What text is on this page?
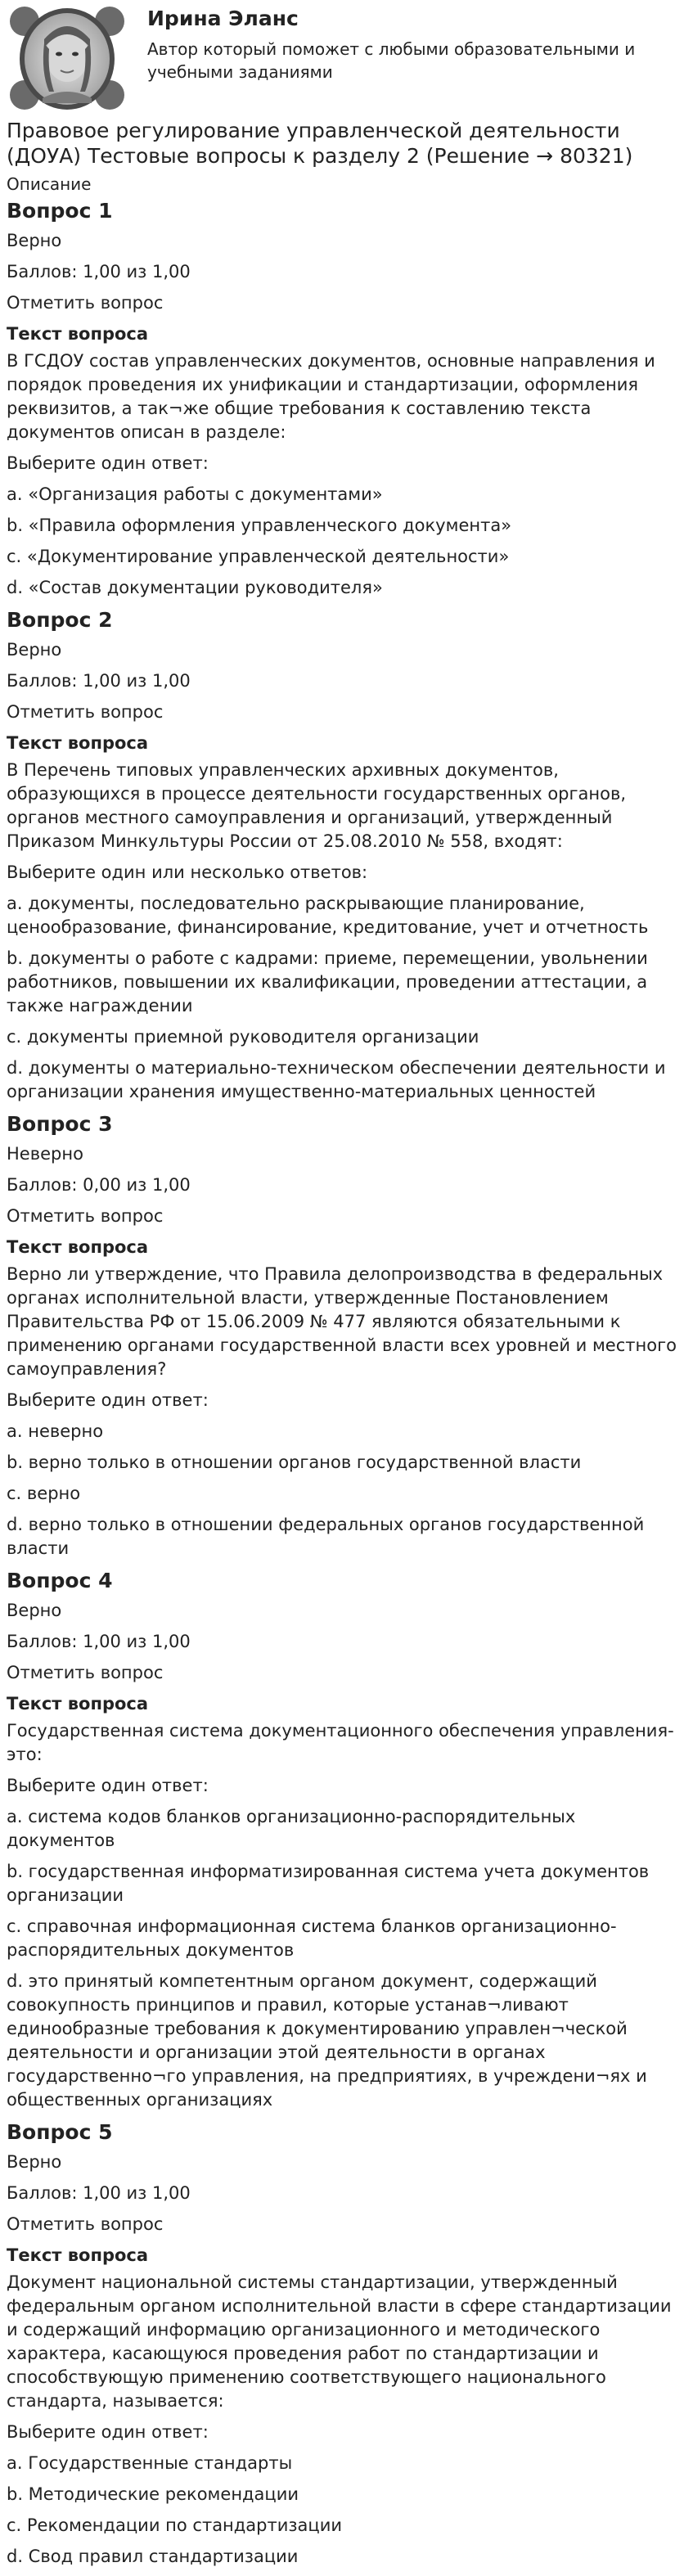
Ирина Эланс
Автор который поможет с любыми образовательными и учебными заданиями
Правовое регулирование управленческой деятельности (ДОУА) Тестовые вопросы к разделу 2 (Решение → 80321)
Описание
Вопрос 1
Верно
Баллов: 1,00 из 1,00
Отметить вопрос
Текст вопроса
В ГСДОУ состав управленческих документов, основные направления и порядок проведения их унификации и стандартизации, оформления реквизитов, а так¬же общие требования к составлению текста документов описан в разделе:
Выберите один ответ:
a. «Организация работы с документами»
b. «Правила оформления управленческого документа»
c. «Документирование управленческой деятельности»
d. «Состав документации руководителя»
Вопрос 2
Верно
Баллов: 1,00 из 1,00
Отметить вопрос
Текст вопроса
В Перечень типовых управленческих архивных документов, образующихся в процессе деятельности государственных органов, органов местного самоуправления и организаций, утвержденный Приказом Минкультуры России от 25.08.2010 № 558, входят:
Выберите один или несколько ответов:
a. документы, последовательно раскрывающие планирование, ценообразование, финансирование, кредитование, учет и отчетность
b. документы о работе с кадрами: приеме, перемещении, увольнении работников, повышении их квалификации, проведении аттестации, а также награждении
c. документы приемной руководителя организации
d. документы о материально-техническом обеспечении деятельности и организации хранения имущественно-материальных ценностей
Вопрос 3
Неверно
Баллов: 0,00 из 1,00
Отметить вопрос
Текст вопроса
Верно ли утверждение, что Правила делопроизводства в федеральных органах исполнительной власти, утвержденные Постановлением Правительства РФ от 15.06.2009 № 477 являются обязательными к применению органами государственной власти всех уровней и местного самоуправления?
Выберите один ответ:
a. неверно
b. верно только в отношении органов государственной власти
c. верно
d. верно только в отношении федеральных органов государственной власти
Вопрос 4
Верно
Баллов: 1,00 из 1,00
Отметить вопрос
Текст вопроса
Государственная система документационного обеспечения управления-это:
Выберите один ответ:
a. система кодов бланков организационно-распорядительных документов
b. государственная информатизированная система учета документов организации
c. справочная информационная система бланков организационно-распорядительных документов
d. это принятый компетентным органом документ, содержащий совокупность принципов и правил, которые устанав¬ливают единообразные требования к документированию управлен¬ческой деятельности и организации этой деятельности в органах государственно¬го управления, на предприятиях, в учреждени¬ях и общественных организациях
Вопрос 5
Верно
Баллов: 1,00 из 1,00
Отметить вопрос
Текст вопроса
Документ национальной системы стандартизации, утвержденный федеральным органом исполнительной власти в сфере стандартизации и содержащий информацию организационного и методического характера, касающуюся проведения работ по стандартизации и способствующую применению соответствующего национального стандарта, называется:
Выберите один ответ:
a. Государственные стандарты
b. Методические рекомендации
c. Рекомендации по стандартизации
d. Свод правил стандартизации
